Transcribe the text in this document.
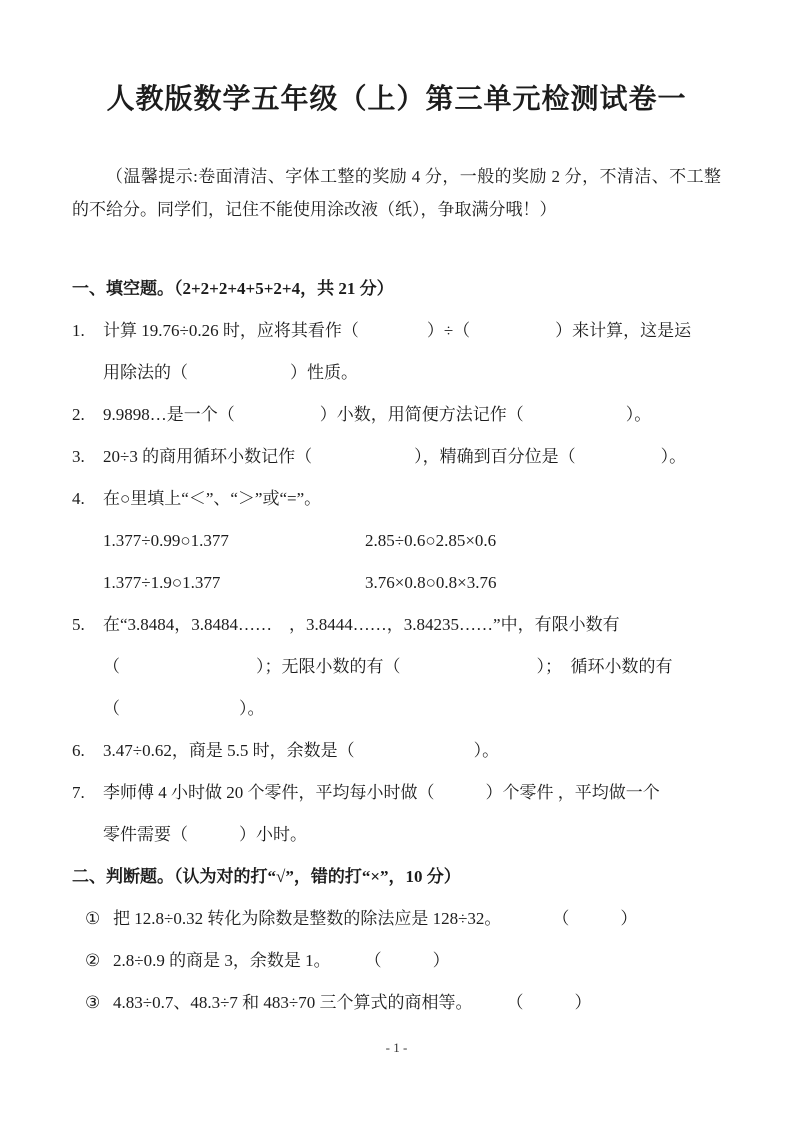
人教版数学五年级（上）第三单元检测试卷一

（温馨提示:卷面清洁、字体工整的奖励 4 分，一般的奖励 2 分，不清洁、不工整的不给分。同学们，记住不能使用涂改液（纸），争取满分哦！）

一、填空题。（2+2+2+4+5+2+4，共 21 分）

1.	计算 19.76÷0.26 时，应将其看作（　　　　）÷（　　　　　）来计算，这是运
用除法的（　　　　　　）性质。
2.	9.9898…是一个（　　　　　）小数，用简便方法记作（　　　　　　）。
3.	20÷3 的商用循环小数记作（　　　　　　），精确到百分位是（　　　　　）。
4.	在○里填上“＜”、“＞”或“=”。
1.377÷0.99○1.377	2.85÷0.6○2.85×0.6
1.377÷1.9○1.377	3.76×0.8○0.8×3.76
5.	在“3.8484，3.8484……　，3.8444……，3.84235……”中，有限小数有
（　　　　　　　　）；无限小数的有（　　　　　　　　）；　循环小数的有
（　　　　　　　）。
6.	3.47÷0.62，商是 5.5 时，余数是（　　　　　　　）。
7.	李师傅 4 小时做 20 个零件，平均每小时做（　　　）个零件 ，平均做一个
零件需要（　　　）小时。

二、判断题。（认为对的打“√”，错的打“×”，10 分）

① 把 12.8÷0.32 转化为除数是整数的除法应是 128÷32。　　　　（　　　）
② 2.8÷0.9 的商是 3，余数是 1。　　　（　　　）
③ 4.83÷0.7、48.3÷7 和 483÷70 三个算式的商相等。　　　（　　　）
- 1 -
